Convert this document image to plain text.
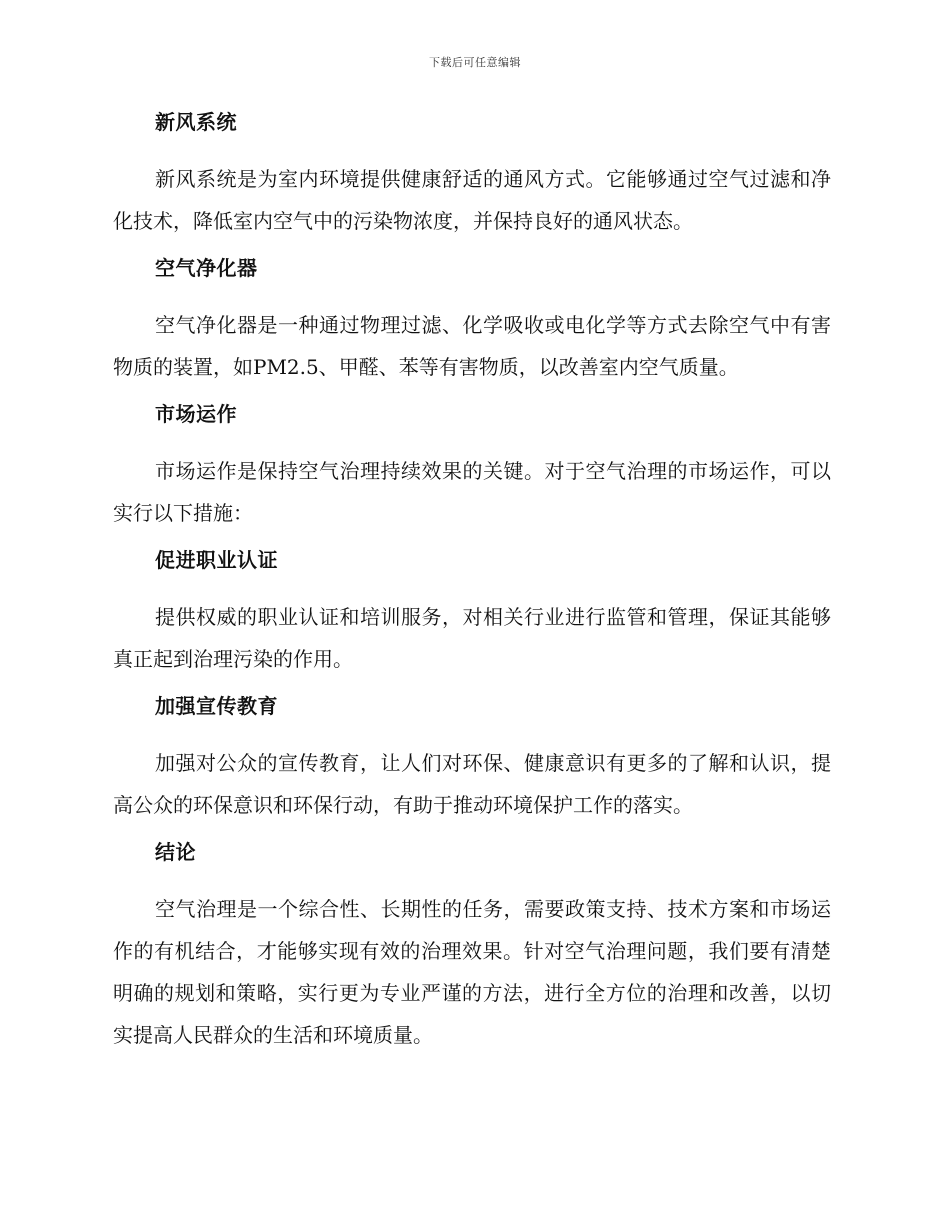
下载后可任意编辑
新风系统

新风系统是为室内环境提供健康舒适的通风方式。它能够通过空气过滤和净化技术，降低室内空气中的污染物浓度，并保持良好的通风状态。

空气净化器

空气净化器是一种通过物理过滤、化学吸收或电化学等方式去除空气中有害物质的装置，如PM2.5、甲醛、苯等有害物质，以改善室内空气质量。

市场运作

市场运作是保持空气治理持续效果的关键。对于空气治理的市场运作，可以实行以下措施：

促进职业认证

提供权威的职业认证和培训服务，对相关行业进行监管和管理，保证其能够真正起到治理污染的作用。

加强宣传教育

加强对公众的宣传教育，让人们对环保、健康意识有更多的了解和认识，提高公众的环保意识和环保行动，有助于推动环境保护工作的落实。

结论

空气治理是一个综合性、长期性的任务，需要政策支持、技术方案和市场运作的有机结合，才能够实现有效的治理效果。针对空气治理问题，我们要有清楚明确的规划和策略，实行更为专业严谨的方法，进行全方位的治理和改善，以切实提高人民群众的生活和环境质量。
